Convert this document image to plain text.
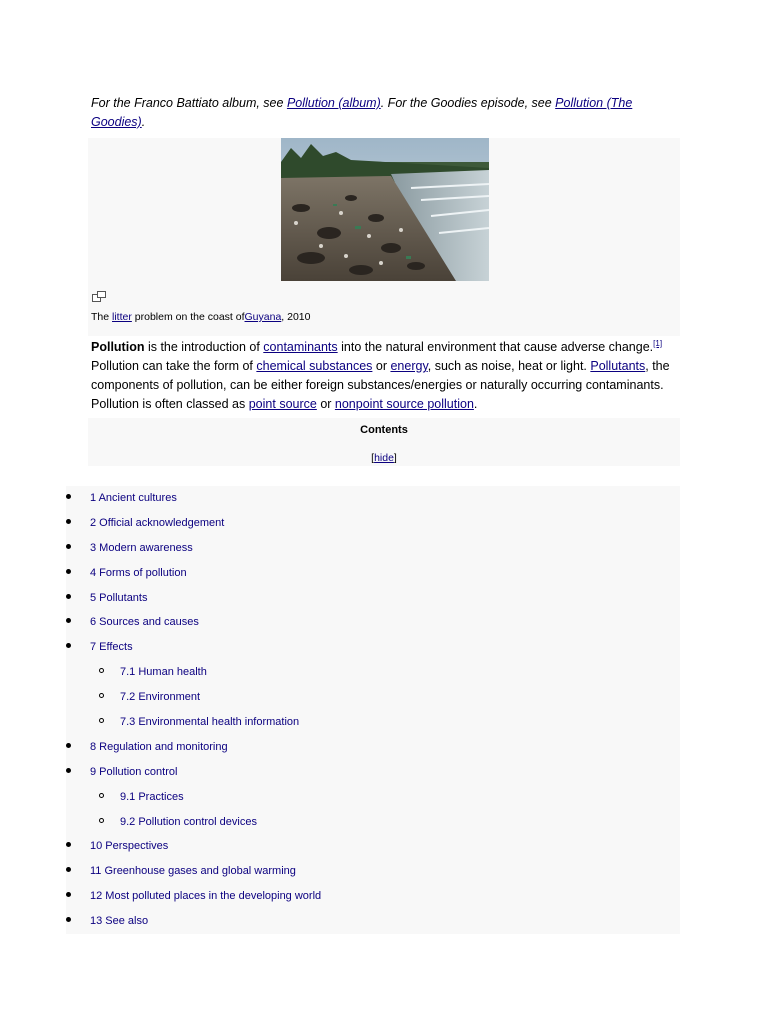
For the Franco Battiato album, see Pollution (album). For the Goodies episode, see Pollution (The Goodies).
The litter problem on the coast ofGuyana, 2010
Pollution is the introduction of contaminants into the natural environment that cause adverse change.[1] Pollution can take the form of chemical substances or energy, such as noise, heat or light. Pollutants, the components of pollution, can be either foreign substances/energies or naturally occurring contaminants. Pollution is often classed as point source or nonpoint source pollution.
Contents
[hide]
1 Ancient cultures
2 Official acknowledgement
3 Modern awareness
4 Forms of pollution
5 Pollutants
6 Sources and causes
7 Effects
7.1 Human health
7.2 Environment
7.3 Environmental health information
8 Regulation and monitoring
9 Pollution control
9.1 Practices
9.2 Pollution control devices
10 Perspectives
11 Greenhouse gases and global warming
12 Most polluted places in the developing world
13 See also
